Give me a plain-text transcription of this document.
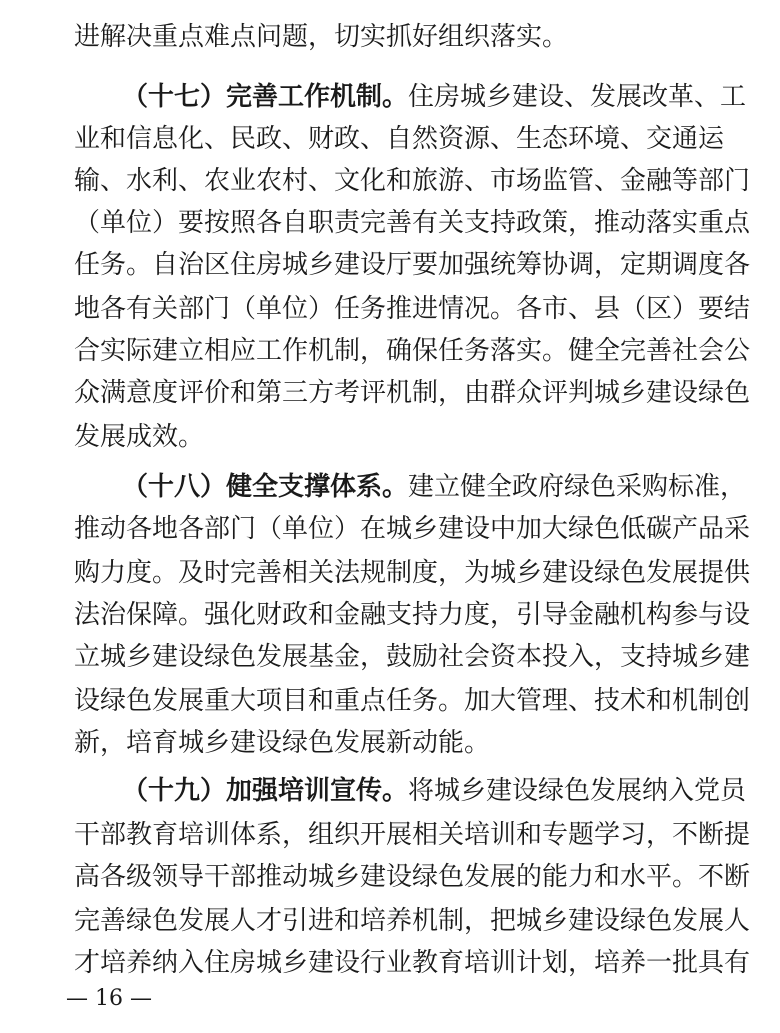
进解决重点难点问题，切实抓好组织落实。
（十七）完善工作机制。住房城乡建设、发展改革、工
业和信息化、民政、财政、自然资源、生态环境、交通运
输、水利、农业农村、文化和旅游、市场监管、金融等部门
（单位）要按照各自职责完善有关支持政策，推动落实重点
任务。自治区住房城乡建设厅要加强统筹协调，定期调度各
地各有关部门（单位）任务推进情况。各市、县（区）要结
合实际建立相应工作机制，确保任务落实。健全完善社会公
众满意度评价和第三方考评机制，由群众评判城乡建设绿色
发展成效。
（十八）健全支撑体系。建立健全政府绿色采购标准，
推动各地各部门（单位）在城乡建设中加大绿色低碳产品采
购力度。及时完善相关法规制度，为城乡建设绿色发展提供
法治保障。强化财政和金融支持力度，引导金融机构参与设
立城乡建设绿色发展基金，鼓励社会资本投入，支持城乡建
设绿色发展重大项目和重点任务。加大管理、技术和机制创
新，培育城乡建设绿色发展新动能。
（十九）加强培训宣传。将城乡建设绿色发展纳入党员
干部教育培训体系，组织开展相关培训和专题学习，不断提
高各级领导干部推动城乡建设绿色发展的能力和水平。不断
完善绿色发展人才引进和培养机制，把城乡建设绿色发展人
才培养纳入住房城乡建设行业教育培训计划，培养一批具有
— 16 —
